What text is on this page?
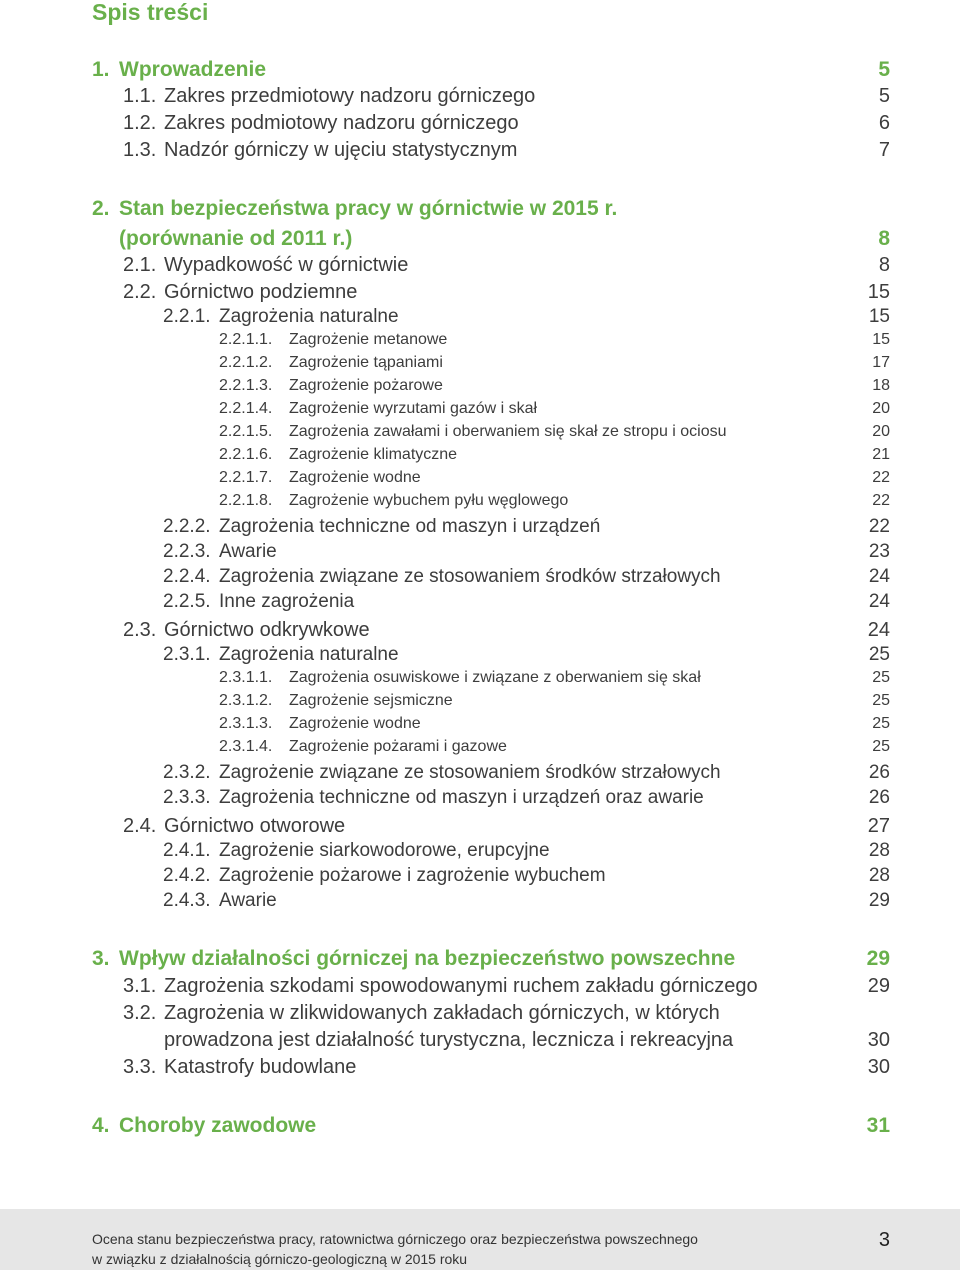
Spis treści
1. Wprowadzenie	5
1.1. Zakres przedmiotowy nadzoru górniczego	5
1.2. Zakres podmiotowy nadzoru górniczego	6
1.3. Nadzór górniczy w ujęciu statystycznym	7
2. Stan bezpieczeństwa pracy w górnictwie w 2015 r.
(porównanie od 2011 r.)	8
2.1. Wypadkowość w górnictwie	8
2.2. Górnictwo podziemne	15
2.2.1. Zagrożenia naturalne	15
2.2.1.1. Zagrożenie metanowe	15
2.2.1.2. Zagrożenie tąpaniami	17
2.2.1.3. Zagrożenie pożarowe	18
2.2.1.4. Zagrożenie wyrzutami gazów i skał	20
2.2.1.5. Zagrożenia zawałami i oberwaniem się skał ze stropu i ociosu	20
2.2.1.6. Zagrożenie klimatyczne	21
2.2.1.7. Zagrożenie wodne	22
2.2.1.8. Zagrożenie wybuchem pyłu węglowego	22
2.2.2. Zagrożenia techniczne od maszyn i urządzeń	22
2.2.3. Awarie	23
2.2.4. Zagrożenia związane ze stosowaniem środków strzałowych	24
2.2.5. Inne zagrożenia	24
2.3. Górnictwo odkrywkowe	24
2.3.1. Zagrożenia naturalne	25
2.3.1.1. Zagrożenia osuwiskowe i związane z oberwaniem się skał	25
2.3.1.2. Zagrożenie sejsmiczne	25
2.3.1.3. Zagrożenie wodne	25
2.3.1.4. Zagrożenie pożarami i gazowe	25
2.3.2. Zagrożenie związane ze stosowaniem środków strzałowych	26
2.3.3. Zagrożenia techniczne od maszyn i urządzeń oraz awarie	26
2.4. Górnictwo otworowe	27
2.4.1. Zagrożenie siarkowodorowe, erupcyjne	28
2.4.2. Zagrożenie pożarowe i zagrożenie wybuchem	28
2.4.3. Awarie	29
3. Wpływ działalności górniczej na bezpieczeństwo powszechne	29
3.1. Zagrożenia szkodami spowodowanymi ruchem zakładu górniczego	29
3.2. Zagrożenia w zlikwidowanych zakładach górniczych, w których
prowadzona jest działalność turystyczna, lecznicza i rekreacyjna	30
3.3. Katastrofy budowlane	30
4. Choroby zawodowe	31
Ocena stanu bezpieczeństwa pracy, ratownictwa górniczego oraz bezpieczeństwa powszechnego
w związku z działalnością górniczo-geologiczną w 2015 roku
3
